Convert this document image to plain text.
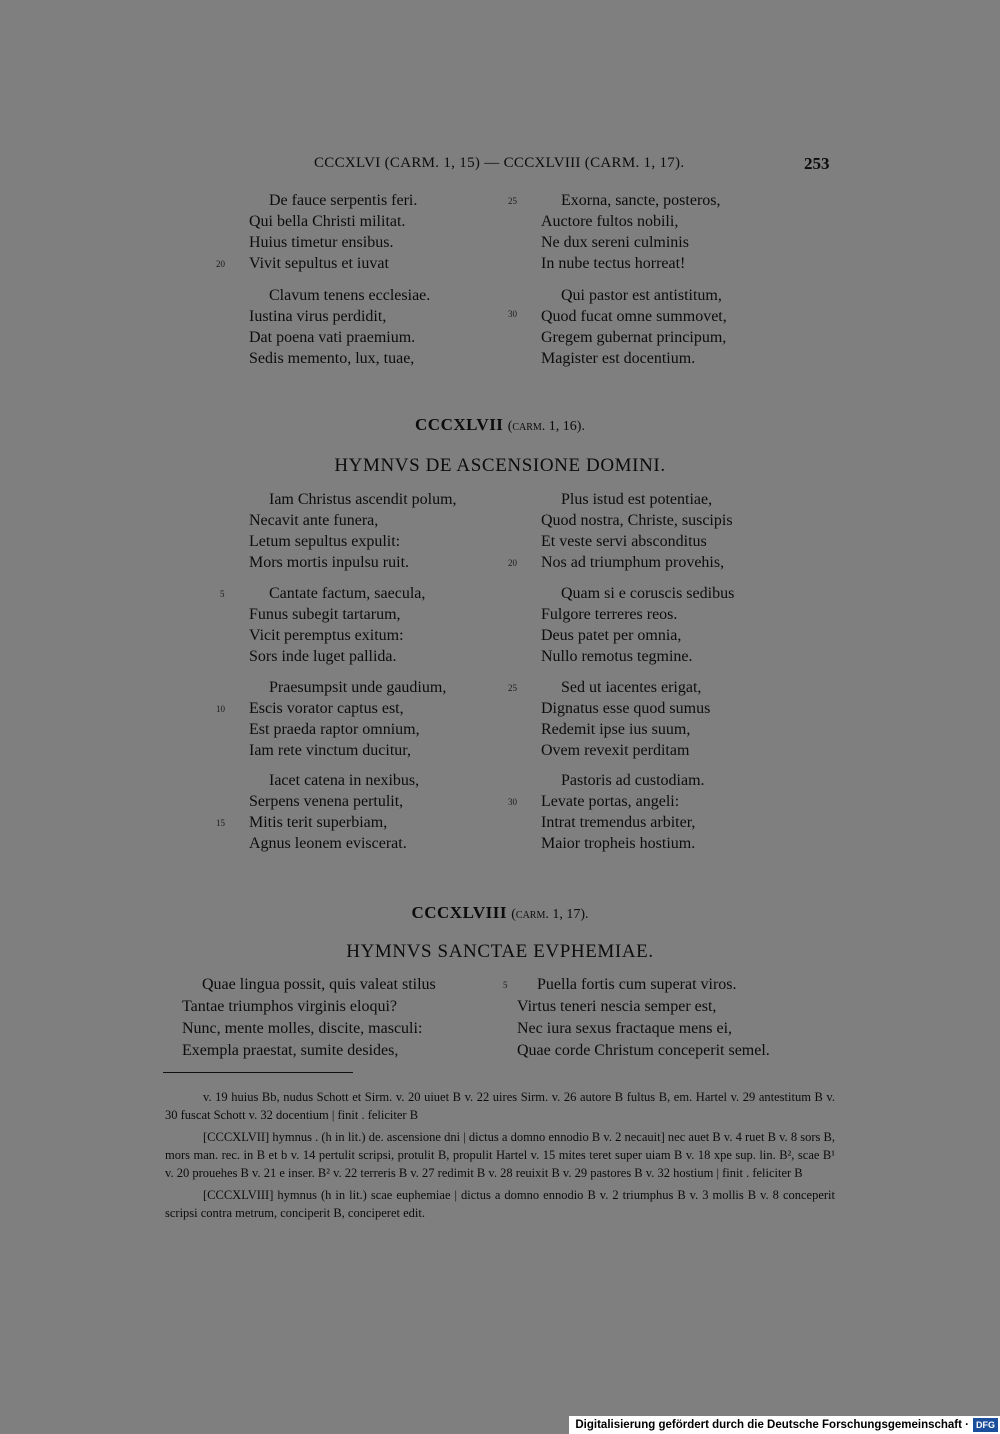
CCCXLVI (CARM. 1, 15) — CCCXLVIII (CARM. 1, 17).	253
De fauce serpentis feri.
Qui bella Christi militat.
Huius timetur ensibus.
Vivit sepultus et iuvat
Clavum tenens ecclesiae.
Iustina virus perdidit,
Dat poena vati praemium.
Sedis memento, lux, tuae,
Exorna, sancte, posteros,
Auctore fultos nobili,
Ne dux sereni culminis
In nube tectus horreat!
Qui pastor est antistitum,
Quod fucat omne summovet,
Gregem gubernat principum,
Magister est docentium.
20
25
30
CCCXLVII (carm. 1, 16).
HYMNVS DE ASCENSIONE DOMINI.
Iam Christus ascendit polum,
Necavit ante funera,
Letum sepultus expulit:
Mors mortis inpulsu ruit.
Cantate factum, saecula,
Funus subegit tartarum,
Vicit peremptus exitum:
Sors inde luget pallida.
Praesumpsit unde gaudium,
Escis vorator captus est,
Est praeda raptor omnium,
Iam rete vinctum ducitur,
Iacet catena in nexibus,
Serpens venena pertulit,
Mitis terit superbiam,
Agnus leonem eviscerat.
Plus istud est potentiae,
Quod nostra, Christe, suscipis
Et veste servi absconditus
Nos ad triumphum provehis,
Quam si e coruscis sedibus
Fulgore terreres reos.
Deus patet per omnia,
Nullo remotus tegmine.
Sed ut iacentes erigat,
Dignatus esse quod sumus
Redemit ipse ius suum,
Ovem revexit perditam
Pastoris ad custodiam.
Levate portas, angeli:
Intrat tremendus arbiter,
Maior tropheis hostium.
5
10
15
20
25
30
CCCXLVIII (carm. 1, 17).
HYMNVS SANCTAE EVPHEMIAE.
Quae lingua possit, quis valeat stilus
Tantae triumphos virginis eloqui?
Nunc, mente molles, discite, masculi:
Exempla praestat, sumite desides,
Puella fortis cum superat viros.
Virtus teneri nescia semper est,
Nec iura sexus fractaque mens ei,
Quae corde Christum conceperit semel.
5
v. 19 huius Bb, nudus Schott et Sirm. v. 20 uiuet B v. 22 uires Sirm. v. 26 autore B fultus B, em. Hartel v. 29 antestitum B v. 30 fuscat Schott v. 32 docentium | finit . feliciter B
[CCCXLVII] hymnus . (h in lit.) de. ascensione dni | dictus a domno ennodio B v. 2 necauit] nec auet B v. 4 ruet B v. 8 sors B, mors man. rec. in B et b v. 14 pertulit scripsi, protulit B, propulit Hartel v. 15 mites teret super uiam B v. 18 xpe sup. lin. B², scae B¹ v. 20 prouehes B v. 21 e inser. B² v. 22 terreris B v. 27 redimit B v. 28 reuixit B v. 29 pastores B v. 32 hostium | finit . feliciter B
[CCCXLVIII] hymnus (h in lit.) scae euphemiae | dictus a domno ennodio B v. 2 triumphus B v. 3 mollis B v. 8 conceperit scripsi contra metrum, conciperit B, conciperet edit.
Digitalisierung gefördert durch die Deutsche Forschungsgemeinschaft · DFG
